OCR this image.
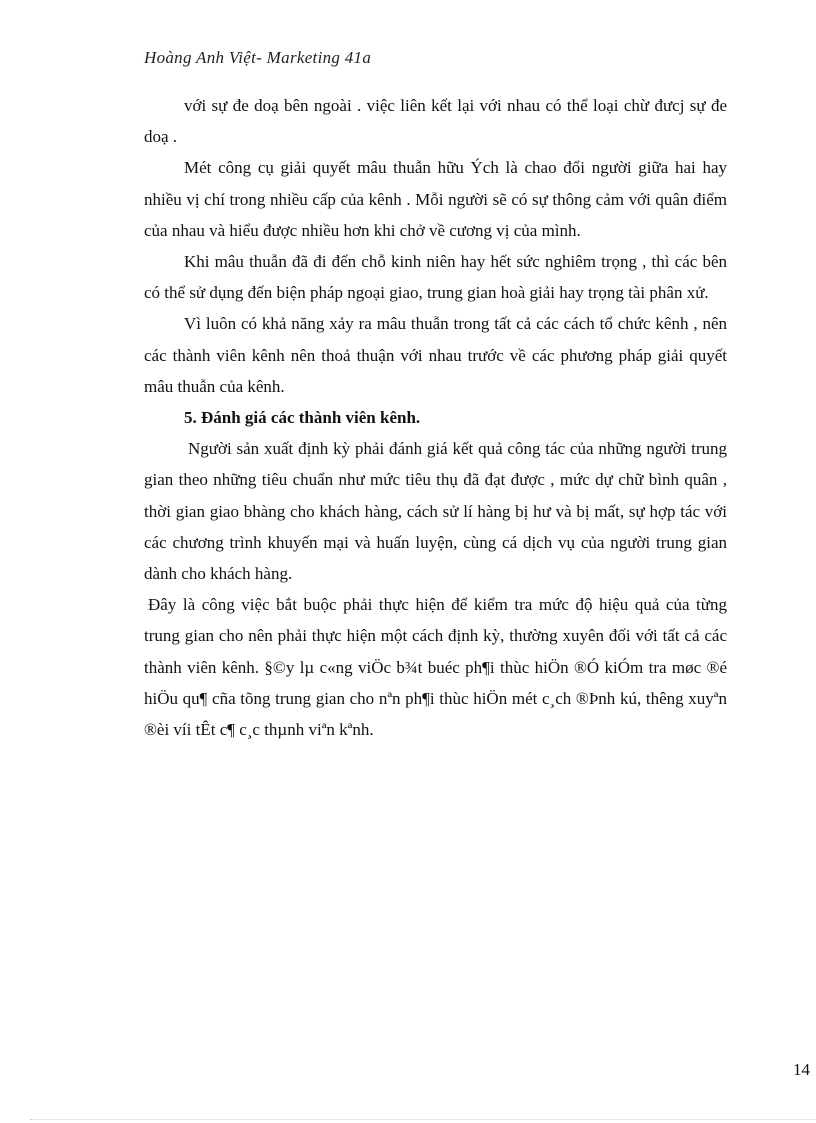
Hoàng Anh Việt- Marketing 41a

với sự đe doạ bên ngoài . việc liên kết lại với nhau có thể loại chừ đưcj sự đe doạ .

Mét công cụ giải quyết mâu thuẫn hữu Ých là chao đổi người giữa hai hay nhiều vị chí trong nhiều cấp của kênh . Mỗi người sẽ có sự thông cảm với quân điểm của nhau và hiểu được nhiều hơn khi chở về cương vị của mình.

Khi mâu thuẫn đã đi đến chỗ kinh niên hay hết sức nghiêm trọng , thì các bên có thể sử dụng đến biện pháp ngoại giao, trung gian hoà giải hay trọng tài phân xử.

Vì luôn có khả năng xảy ra mâu thuẫn trong tất cả các cách tổ chức kênh , nên các thành viên kênh nên thoả thuận với nhau trước về các phương pháp giải quyết mâu thuẫn của kênh.

5. Đánh giá các thành viên kênh.

Người sản xuất định kỳ phải đánh giá kết quả công tác của những người trung gian theo những tiêu chuẩn như mức tiêu thụ đã đạt được , mức dự chữ bình quân , thời gian giao bhàng cho khách hàng, cách sử lí hàng bị hư và bị mất, sự hợp tác với các chương trình khuyến mại và huấn luyện, cùng cá dịch vụ của người trung gian dành cho khách hàng.

Đây là công việc bắt buộc phải thực hiện để kiểm tra mức độ hiệu quả của từng trung gian cho nên phải thực hiện một cách định kỳ, thường xuyên đối với tất cả các thành viên kênh. §©y lµ c«ng viÖc b¾t buéc ph¶i thùc hiÖn ®Ó kiÓm tra møc ®é hiÖu qu¶ cña tõng trung gian cho nªn ph¶i thùc hiÖn mét c¸ch ®Þnh kú, thêng xuyªn ®èi víi tÊt c¶ c¸c thµnh viªn kªnh.

14
